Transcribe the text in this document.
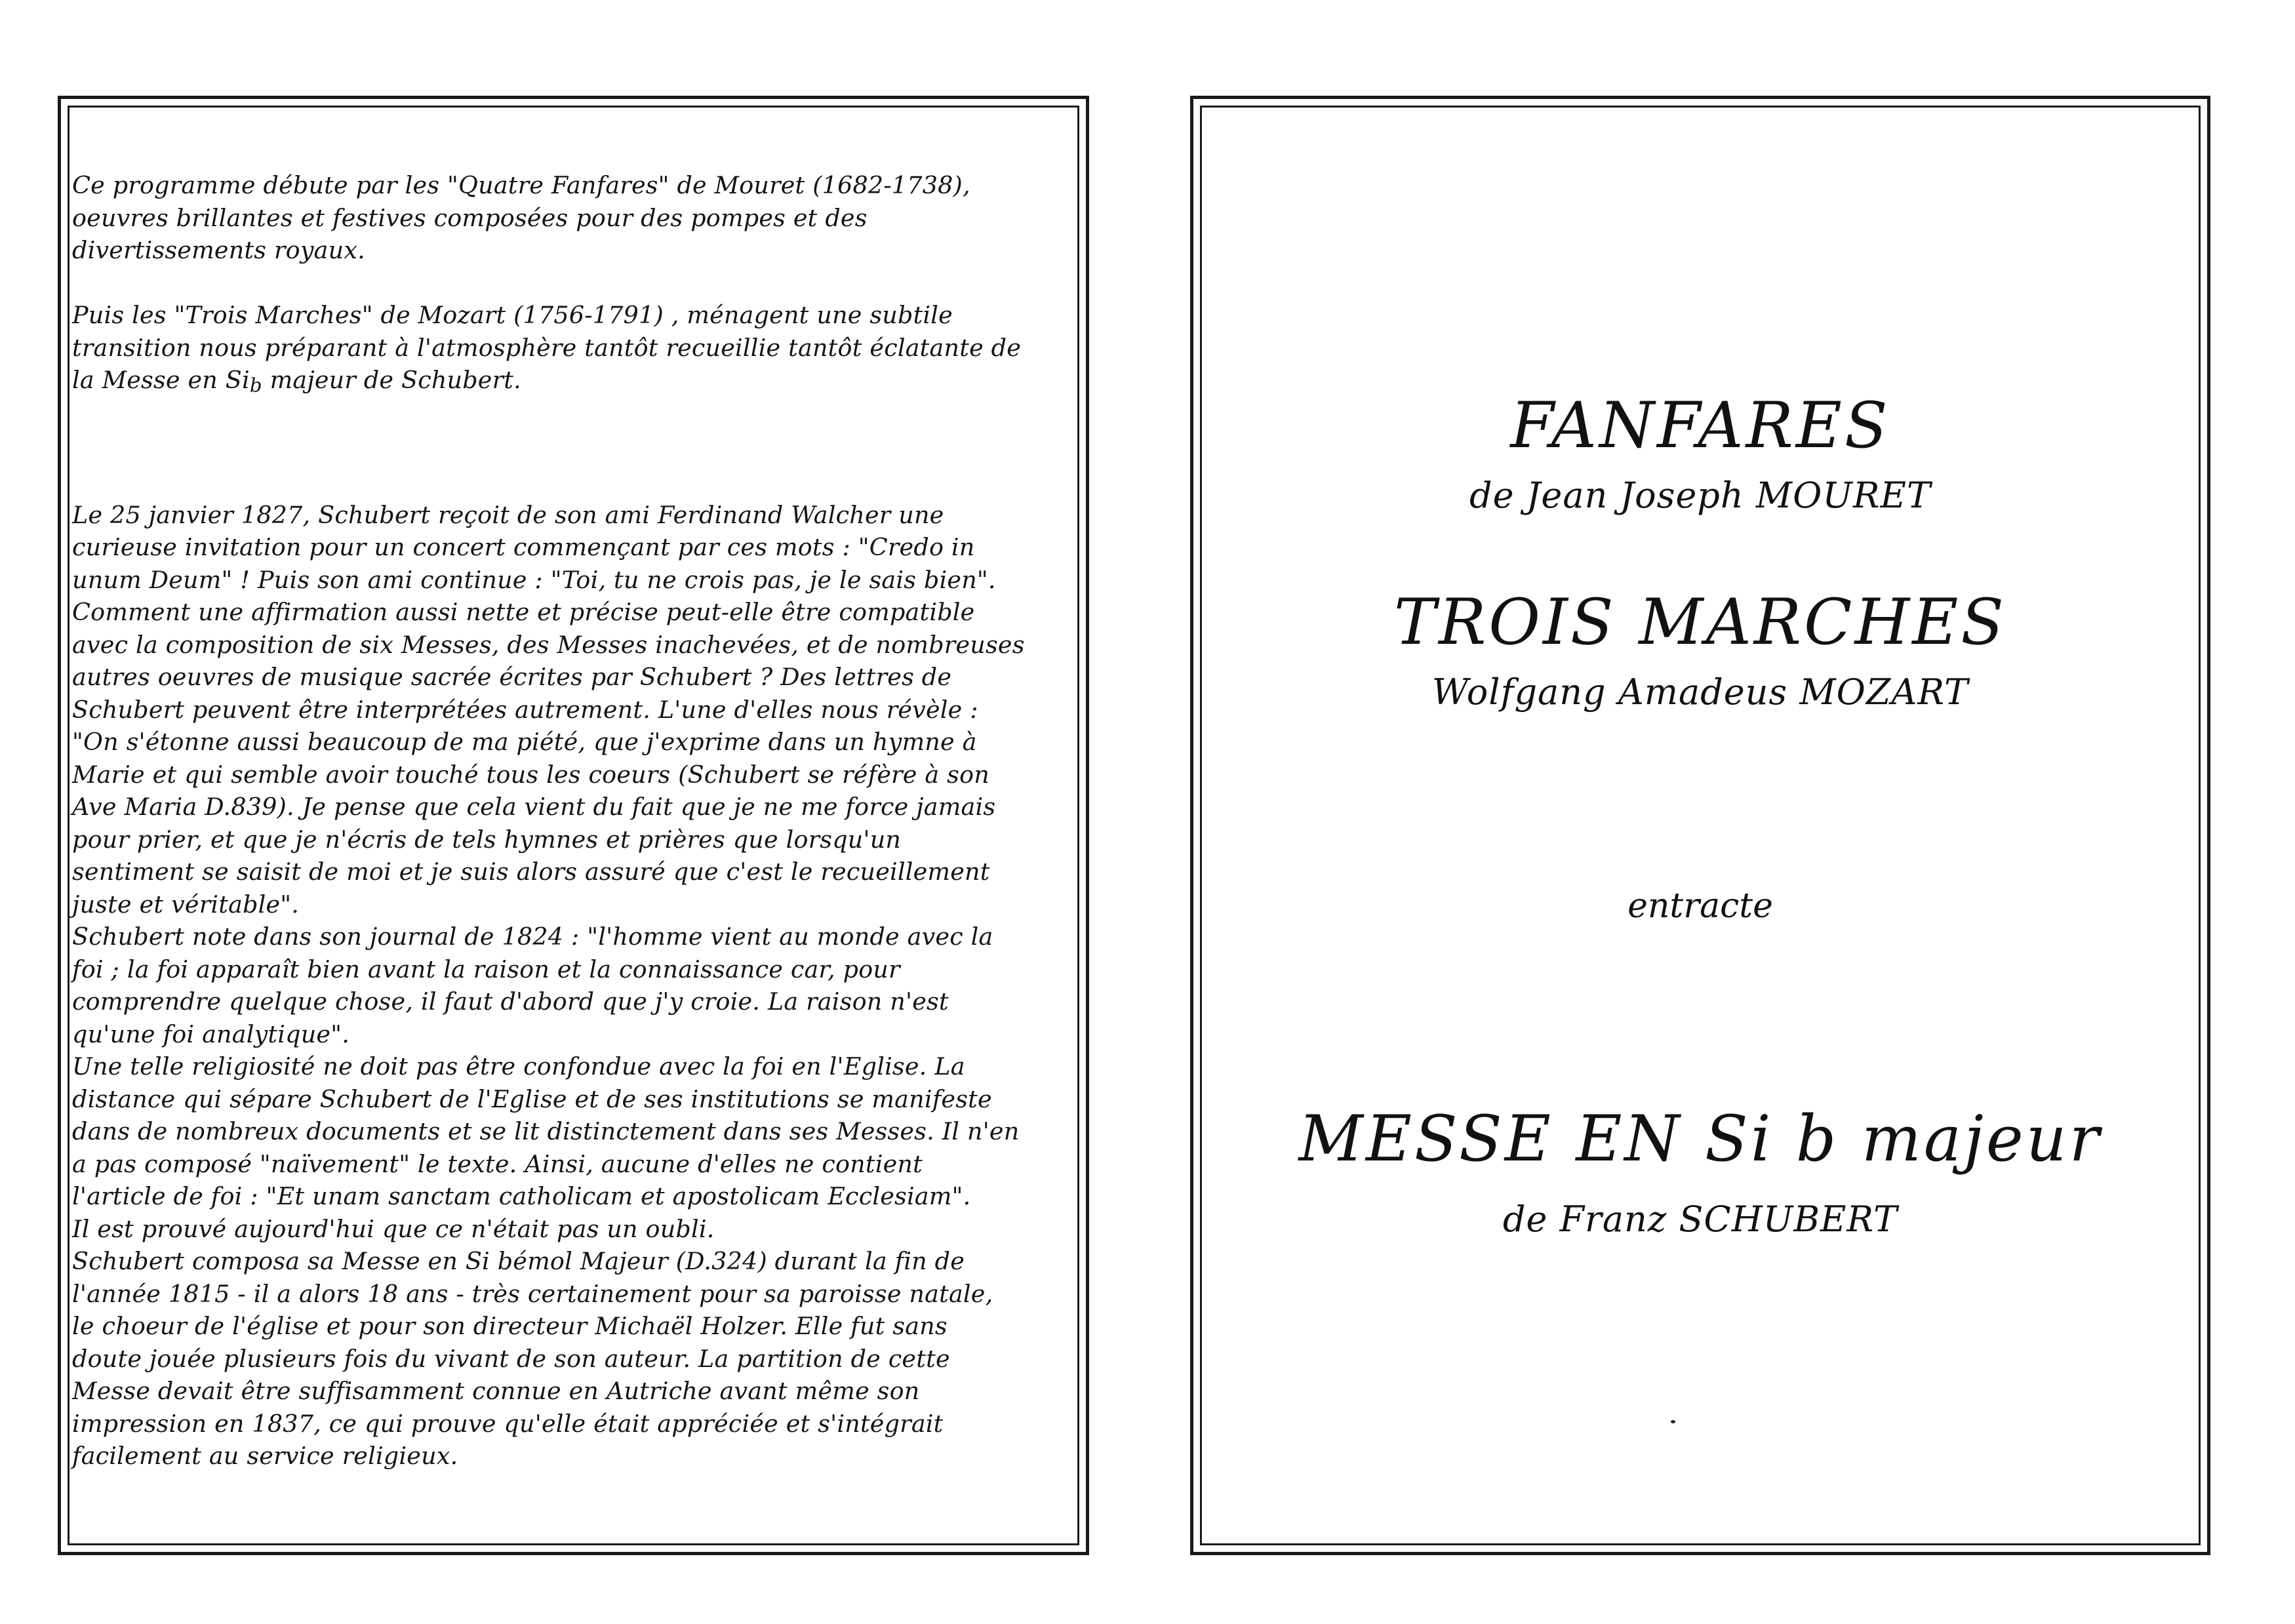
Ce programme débute par les "Quatre Fanfares" de Mouret (1682-1738),

oeuvres brillantes et festives composées pour des pompes et des

divertissements royaux.

Puis les "Trois Marches" de Mozart (1756-1791) , ménagent une subtile

transition nous préparant à l'atmosphère tantôt recueillie tantôt éclatante de

la Messe en Sib majeur de Schubert.

Le 25 janvier 1827, Schubert reçoit de son ami Ferdinand Walcher une

curieuse invitation pour un concert commençant par ces mots : "Credo in

unum Deum" ! Puis son ami continue : "Toi, tu ne crois pas, je le sais bien".

Comment une affirmation aussi nette et précise peut-elle être compatible

avec la composition de six Messes, des Messes inachevées, et de nombreuses

autres oeuvres de musique sacrée écrites par Schubert ? Des lettres de

Schubert peuvent être interprétées autrement. L'une d'elles nous révèle :

"On s'étonne aussi beaucoup de ma piété, que j'exprime dans un hymne à

Marie et qui semble avoir touché tous les coeurs (Schubert se réfère à son

Ave Maria D.839). Je pense que cela vient du fait que je ne me force jamais

pour prier, et que je n'écris de tels hymnes et prières que lorsqu'un

sentiment se saisit de moi et je suis alors assuré que c'est le recueillement

juste et véritable".

Schubert note dans son journal de 1824 : "l'homme vient au monde avec la

foi ; la foi apparaît bien avant la raison et la connaissance car, pour

comprendre quelque chose, il faut d'abord que j'y croie. La raison n'est

qu'une foi analytique".

Une telle religiosité ne doit pas être confondue avec la foi en l'Eglise. La

distance qui sépare Schubert de l'Eglise et de ses institutions se manifeste

dans de nombreux documents et se lit distinctement dans ses Messes. Il n'en

a pas composé "naïvement" le texte. Ainsi, aucune d'elles ne contient

l'article de foi : "Et unam sanctam catholicam et apostolicam Ecclesiam".

Il est prouvé aujourd'hui que ce n'était pas un oubli.

Schubert composa sa Messe en Si bémol Majeur (D.324) durant la fin de

l'année 1815 - il a alors 18 ans - très certainement pour sa paroisse natale,

le choeur de l'église et pour son directeur Michaël Holzer. Elle fut sans

doute jouée plusieurs fois du vivant de son auteur. La partition de cette

Messe devait être suffisamment connue en Autriche avant même son

impression en 1837, ce qui prouve qu'elle était appréciée et s'intégrait

facilement au service religieux.

FANFARES
de Jean Joseph MOURET
TROIS MARCHES
Wolfgang Amadeus MOZART
entracte
MESSE EN Si b majeur
de Franz SCHUBERT
